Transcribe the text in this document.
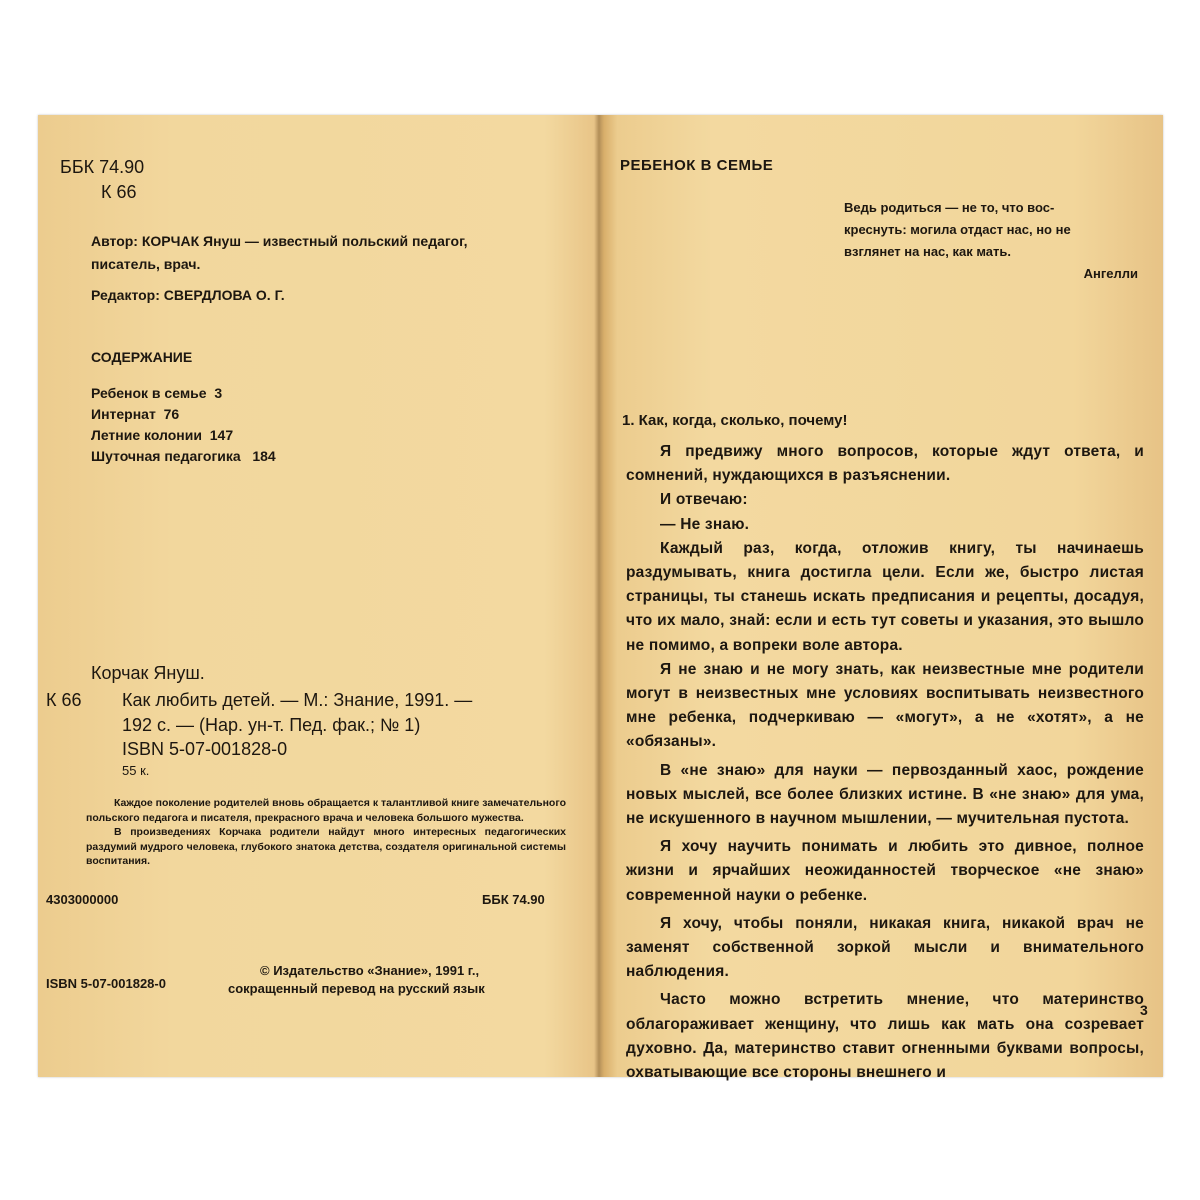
ББК 74.90
К 66
Автор: КОРЧАК Януш — известный польский педагог,
писатель, врач.
Редактор: СВЕРДЛОВА О. Г.
СОДЕРЖАНИЕ
Ребенок в семье 3
Интернат 76
Летние колонии 147
Шуточная педагогика 184
Корчак Януш.
К 66 Как любить детей. — М.: Знание, 1991. —
192 с. — (Нар. ун-т. Пед. фак.; № 1)
ISBN 5-07-001828-0
55 к.

Каждое поколение родителей вновь обращается к талантливой книге замечательного польского педагога и писателя, прекрасного врача и человека большого мужества.

В произведениях Корчака родители найдут много интересных педагогических раздумий мудрого человека, глубокого знатока детства, создателя оригинальной системы воспитания.

4303000000	ББК 74.90
ISBN 5-07-001828-0
© Издательство «Знание», 1991 г.,
сокращенный перевод на русский язык
РЕБЕНОК В СЕМЬЕ

Ведь родиться — не то, что вос-

креснуть: могила отдаст нас, но не

взглянет на нас, как мать.

Ангелли

1. Как, когда, сколько, почему!

Я предвижу много вопросов, которые ждут ответа, и сомнений, нуждающихся в разъяснении.

И отвечаю:

— Не знаю.

Каждый раз, когда, отложив книгу, ты начинаешь раздумывать, книга достигла цели. Если же, быстро листая страницы, ты станешь искать предписания и рецепты, досадуя, что их мало, знай: если и есть тут советы и указания, это вышло не помимо, а вопреки воле автора.

Я не знаю и не могу знать, как неизвестные мне родители могут в неизвестных мне условиях воспитывать неизвестного мне ребенка, подчеркиваю — «могут», а не «хотят», а не «обязаны».

В «не знаю» для науки — первозданный хаос, рождение новых мыслей, все более близких истине. В «не знаю» для ума, не искушенного в научном мышлении, — мучительная пустота.

Я хочу научить понимать и любить это дивное, полное жизни и ярчайших неожиданностей творческое «не знаю» современной науки о ребенке.

Я хочу, чтобы поняли, никакая книга, никакой врач не заменят собственной зоркой мысли и внимательного наблюдения.

Часто можно встретить мнение, что материнство облагораживает женщину, что лишь как мать она созревает духовно. Да, материнство ставит огненными буквами вопросы, охватывающие все стороны внешнего и

3
